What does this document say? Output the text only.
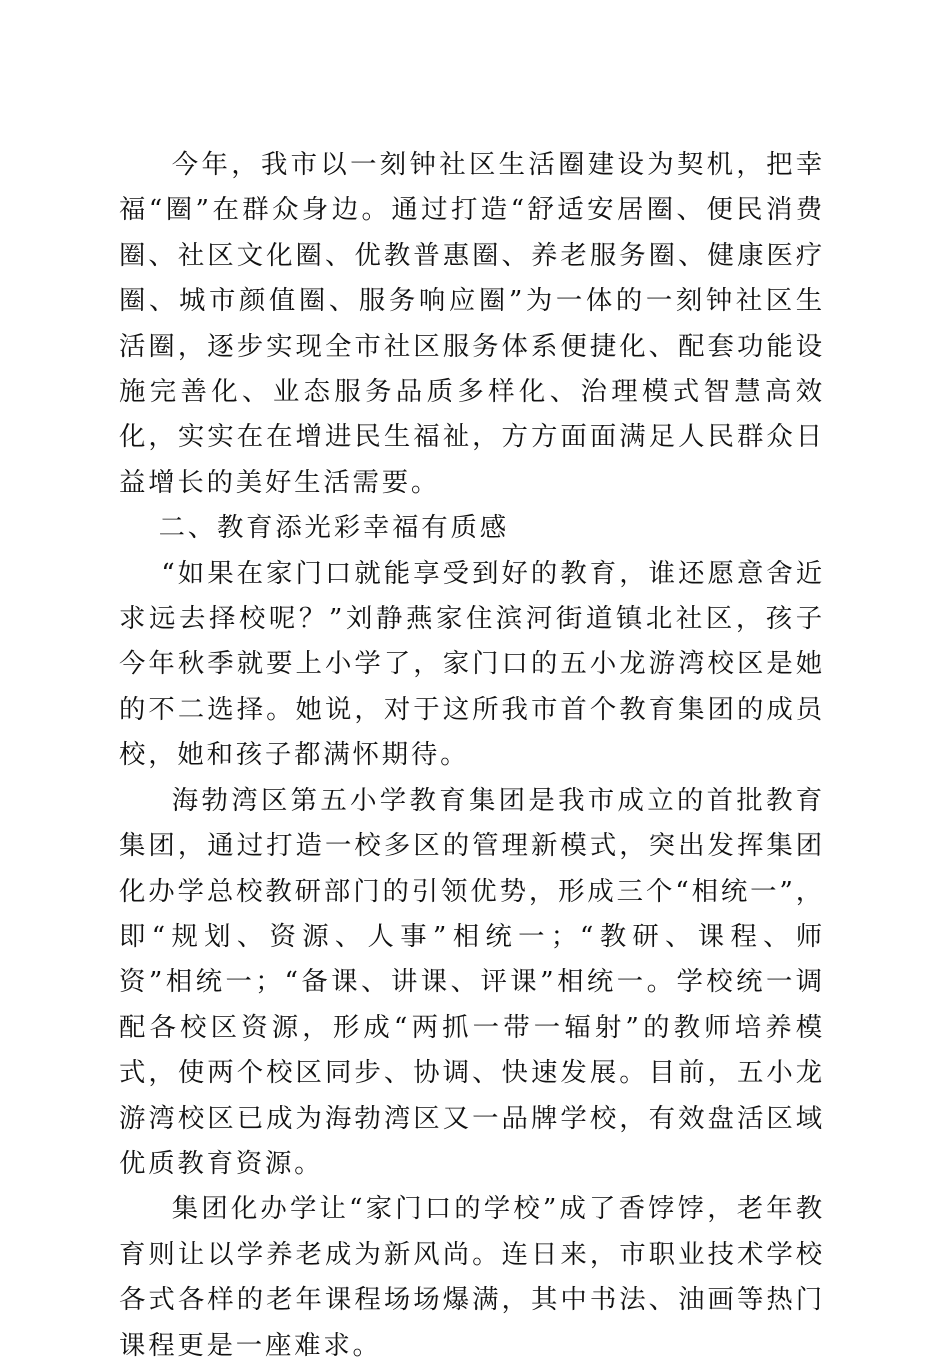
今年，我市以一刻钟社区生活圈建设为契机，把幸福“圈”在群众身边。通过打造“舒适安居圈、便民消费圈、社区文化圈、优教普惠圈、养老服务圈、健康医疗圈、城市颜值圈、服务响应圈”为一体的一刻钟社区生活圈，逐步实现全市社区服务体系便捷化、配套功能设施完善化、业态服务品质多样化、治理模式智慧高效化，实实在在增进民生福祉，方方面面满足人民群众日益增长的美好生活需要。

二、教育添光彩幸福有质感

“如果在家门口就能享受到好的教育，谁还愿意舍近求远去择校呢？”刘静燕家住滨河街道镇北社区，孩子今年秋季就要上小学了，家门口的五小龙游湾校区是她的不二选择。她说，对于这所我市首个教育集团的成员校，她和孩子都满怀期待。

海勃湾区第五小学教育集团是我市成立的首批教育集团，通过打造一校多区的管理新模式，突出发挥集团化办学总校教研部门的引领优势，形成三个“相统一”，即“规划、资源、人事”相统一；“教研、课程、师资”相统一；“备课、讲课、评课”相统一。学校统一调配各校区资源，形成“两抓一带一辐射”的教师培养模式，使两个校区同步、协调、快速发展。目前，五小龙游湾校区已成为海勃湾区又一品牌学校，有效盘活区域优质教育资源。

集团化办学让“家门口的学校”成了香饽饽，老年教育则让以学养老成为新风尚。连日来，市职业技术学校各式各样的老年课程场场爆满，其中书法、油画等热门课程更是一座难求。
